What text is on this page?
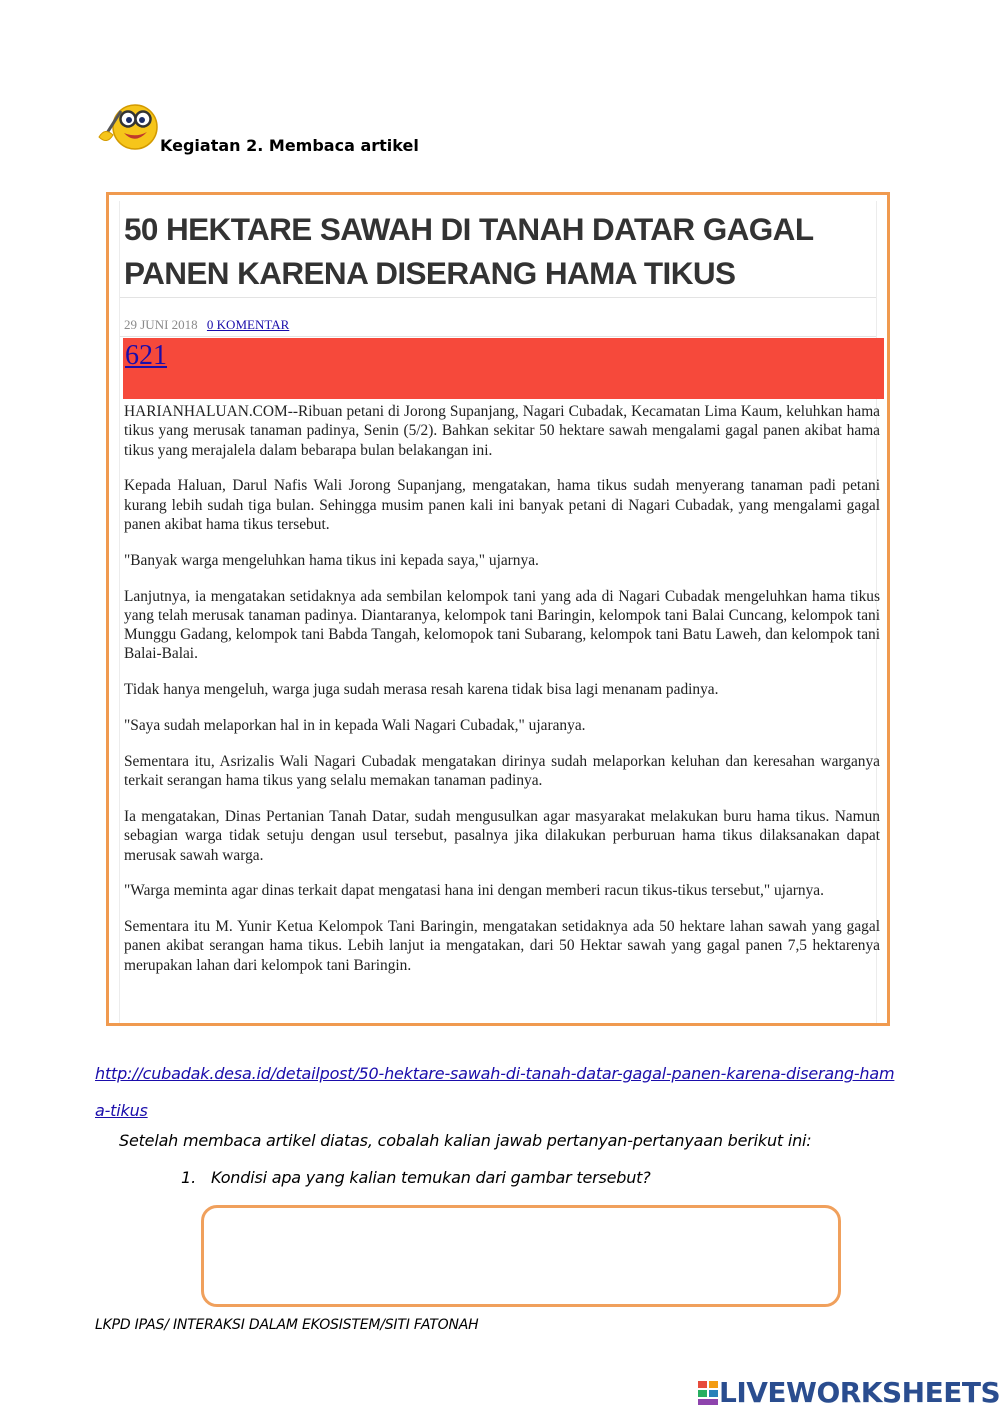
Kegiatan 2. Membaca artikel
50 HEKTARE SAWAH DI TANAH DATAR GAGAL PANEN KARENA DISERANG HAMA TIKUS
29 JUNI 2018 0 KOMENTAR
621

HARIANHALUAN.COM--Ribuan petani di Jorong Supanjang, Nagari Cubadak, Kecamatan Lima Kaum, keluhkan hama tikus yang merusak tanaman padinya, Senin (5/2). Bahkan sekitar 50 hektare sawah mengalami gagal panen akibat hama tikus yang merajalela dalam bebarapa bulan belakangan ini.

Kepada Haluan, Darul Nafis Wali Jorong Supanjang, mengatakan, hama tikus sudah menyerang tanaman padi petani kurang lebih sudah tiga bulan. Sehingga musim panen kali ini banyak petani di Nagari Cubadak, yang mengalami gagal panen akibat hama tikus tersebut.

"Banyak warga mengeluhkan hama tikus ini kepada saya," ujarnya.

Lanjutnya, ia mengatakan setidaknya ada sembilan kelompok tani yang ada di Nagari Cubadak mengeluhkan hama tikus yang telah merusak tanaman padinya. Diantaranya, kelompok tani Baringin, kelompok tani Balai Cuncang, kelompok tani Munggu Gadang, kelompok tani Babda Tangah, kelomopok tani Subarang, kelompok tani Batu Laweh, dan kelompok tani Balai-Balai.

Tidak hanya mengeluh, warga juga sudah merasa resah karena tidak bisa lagi menanam padinya.

"Saya sudah melaporkan hal in in kepada Wali Nagari Cubadak," ujaranya.

Sementara itu, Asrizalis Wali Nagari Cubadak mengatakan dirinya sudah melaporkan keluhan dan keresahan warganya terkait serangan hama tikus yang selalu memakan tanaman padinya.

Ia mengatakan, Dinas Pertanian Tanah Datar, sudah mengusulkan agar masyarakat melakukan buru hama tikus. Namun sebagian warga tidak setuju dengan usul tersebut, pasalnya jika dilakukan perburuan hama tikus dilaksanakan dapat merusak sawah warga.

"Warga meminta agar dinas terkait dapat mengatasi hana ini dengan memberi racun tikus-tikus tersebut," ujarnya.

Sementara itu M. Yunir Ketua Kelompok Tani Baringin, mengatakan setidaknya ada 50 hektare lahan sawah yang gagal panen akibat serangan hama tikus. Lebih lanjut ia mengatakan, dari 50 Hektar sawah yang gagal panen 7,5 hektarenya merupakan lahan dari kelompok tani Baringin.

http://cubadak.desa.id/detailpost/50-hektare-sawah-di-tanah-datar-gagal-panen-karena-diserang-hama-tikus
Setelah membaca artikel diatas, cobalah kalian jawab pertanyan-pertanyaan berikut ini:
1. Kondisi apa yang kalian temukan dari gambar tersebut?
LKPD IPAS/ INTERAKSI DALAM EKOSISTEM/SITI FATONAH
LIVEWORKSHEETS
